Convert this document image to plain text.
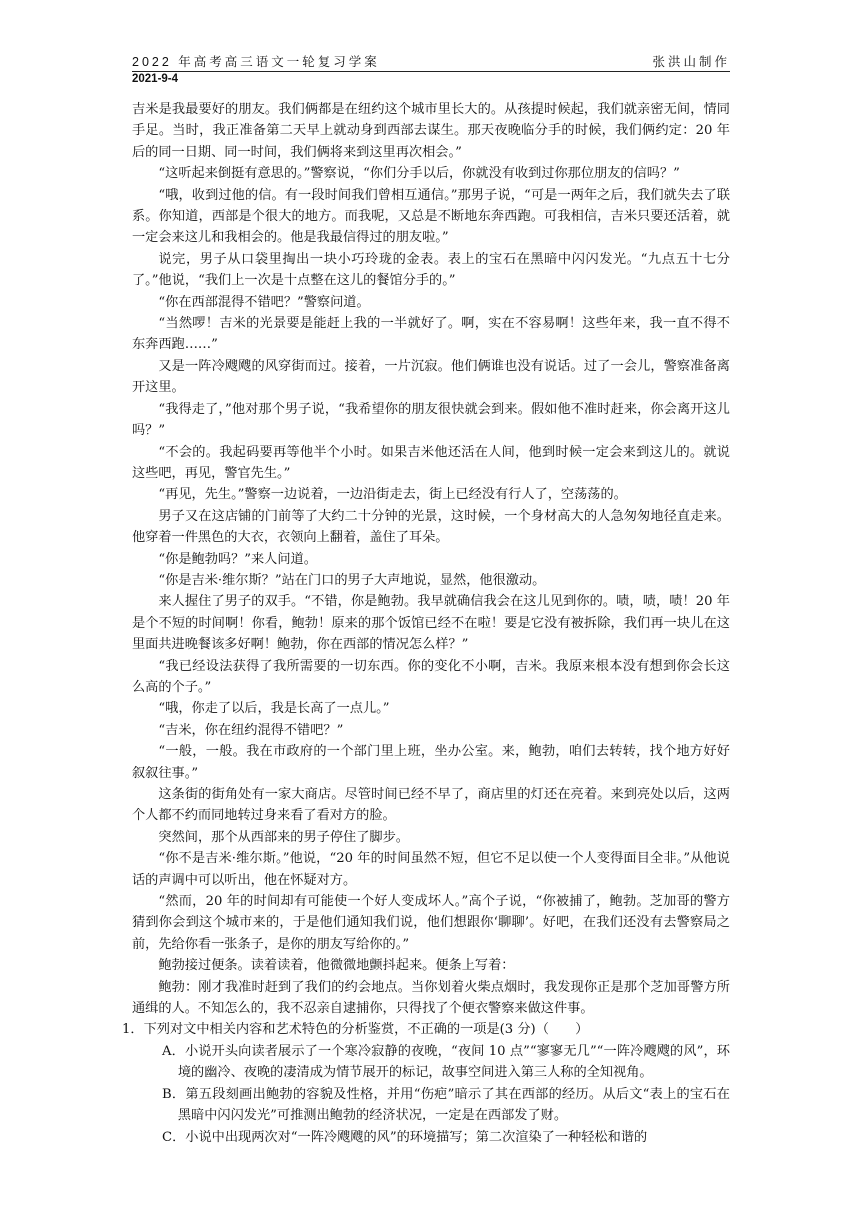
2022 年高考高三语文一轮复习学案	张洪山制作
2021-9-4

吉米是我最要好的朋友。我们俩都是在纽约这个城市里长大的。从孩提时候起，我们就亲密无间，情同手足。当时，我正准备第二天早上就动身到西部去谋生。那天夜晚临分手的时候，我们俩约定：20 年后的同一日期、同一时间，我们俩将来到这里再次相会。”

“这听起来倒挺有意思的。”警察说，“你们分手以后，你就没有收到过你那位朋友的信吗？”

“哦，收到过他的信。有一段时间我们曾相互通信。”那男子说，“可是一两年之后，我们就失去了联系。你知道，西部是个很大的地方。而我呢，又总是不断地东奔西跑。可我相信，吉米只要还活着，就一定会来这儿和我相会的。他是我最信得过的朋友啦。”

说完，男子从口袋里掏出一块小巧玲珑的金表。表上的宝石在黑暗中闪闪发光。“九点五十七分了。”他说，“我们上一次是十点整在这儿的餐馆分手的。”

“你在西部混得不错吧？”警察问道。

“当然啰！吉米的光景要是能赶上我的一半就好了。啊，实在不容易啊！这些年来，我一直不得不东奔西跑……”

又是一阵冷飕飕的风穿街而过。接着，一片沉寂。他们俩谁也没有说话。过了一会儿，警察准备离开这里。

“我得走了，”他对那个男子说，“我希望你的朋友很快就会到来。假如他不准时赶来，你会离开这儿吗？”

“不会的。我起码要再等他半个小时。如果吉米他还活在人间，他到时候一定会来到这儿的。就说这些吧，再见，警官先生。”

“再见，先生。”警察一边说着，一边沿街走去，街上已经没有行人了，空荡荡的。

男子又在这店铺的门前等了大约二十分钟的光景，这时候，一个身材高大的人急匆匆地径直走来。他穿着一件黑色的大衣，衣领向上翻着，盖住了耳朵。

“你是鲍勃吗？”来人问道。

“你是吉米·维尔斯？”站在门口的男子大声地说，显然，他很激动。

来人握住了男子的双手。“不错，你是鲍勃。我早就确信我会在这儿见到你的。啧，啧，啧！20 年是个不短的时间啊！你看，鲍勃！原来的那个饭馆已经不在啦！要是它没有被拆除，我们再一块儿在这里面共进晚餐该多好啊！鲍勃，你在西部的情况怎么样？”

“我已经设法获得了我所需要的一切东西。你的变化不小啊，吉米。我原来根本没有想到你会长这么高的个子。”

“哦，你走了以后，我是长高了一点儿。”

“吉米，你在纽约混得不错吧？”

“一般，一般。我在市政府的一个部门里上班，坐办公室。来，鲍勃，咱们去转转，找个地方好好叙叙往事。”

这条街的街角处有一家大商店。尽管时间已经不早了，商店里的灯还在亮着。来到亮处以后，这两个人都不约而同地转过身来看了看对方的脸。

突然间，那个从西部来的男子停住了脚步。

“你不是吉米·维尔斯。”他说，“20 年的时间虽然不短，但它不足以使一个人变得面目全非。”从他说话的声调中可以听出，他在怀疑对方。

“然而，20 年的时间却有可能使一个好人变成坏人。”高个子说，“你被捕了，鲍勃。芝加哥的警方猜到你会到这个城市来的，于是他们通知我们说，他们想跟你‘聊聊’。好吧，在我们还没有去警察局之前，先给你看一张条子，是你的朋友写给你的。”

鲍勃接过便条。读着读着，他微微地颤抖起来。便条上写着：

鲍勃：刚才我准时赶到了我们的约会地点。当你划着火柴点烟时，我发现你正是那个芝加哥警方所通缉的人。不知怎么的，我不忍亲自逮捕你，只得找了个便衣警察来做这件事。

1．下列对文中相关内容和艺术特色的分析鉴赏，不正确的一项是(3 分)（　　）

A．小说开头向读者展示了一个寒冷寂静的夜晚，“夜间 10 点”“寥寥无几”“一阵冷飕飕的风”，环境的幽冷、夜晚的凄清成为情节展开的标记，故事空间进入第三人称的全知视角。

B．第五段刻画出鲍勃的容貌及性格，并用“伤疤”暗示了其在西部的经历。从后文“表上的宝石在黑暗中闪闪发光”可推测出鲍勃的经济状况，一定是在西部发了财。

C．小说中出现两次对“一阵冷飕飕的风”的环境描写；第二次渲染了一种轻松和谐的
